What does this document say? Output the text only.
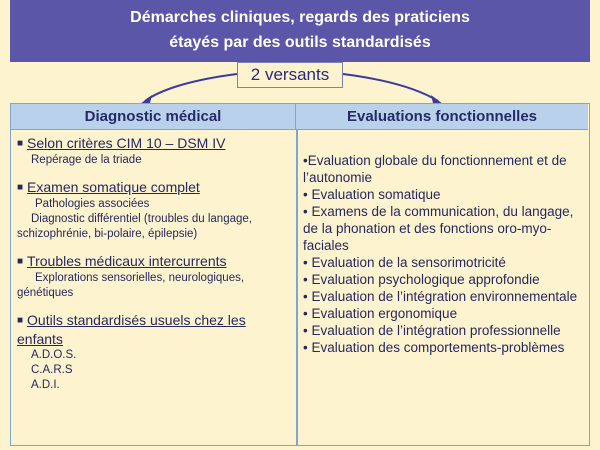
Démarches cliniques, regards des praticiens
étayés par des outils standardisés
2 versants
Diagnostic médical	Evaluations fonctionnelles
■ Selon critères CIM 10 – DSM IV
Repérage de la triade
■ Examen somatique complet
Pathologies associées
Diagnostic différentiel (troubles du langage,
schizophrénie, bi-polaire, épilepsie)
■ Troubles médicaux intercurrents
Explorations sensorielles, neurologiques,
génétiques
■ Outils standardisés usuels chez les enfants
A.D.O.S.
C.A.R.S
A.D.I.

•Evaluation globale du fonctionnement et de l’autonomie

• Evaluation somatique

• Examens de la communication, du langage, de la phonation et des fonctions oro-myo-faciales

• Evaluation de la sensorimotricité

• Evaluation psychologique approfondie

• Evaluation de l’intégration environnementale

• Evaluation ergonomique

• Evaluation de l’intégration professionnelle

• Evaluation des comportements-problèmes
